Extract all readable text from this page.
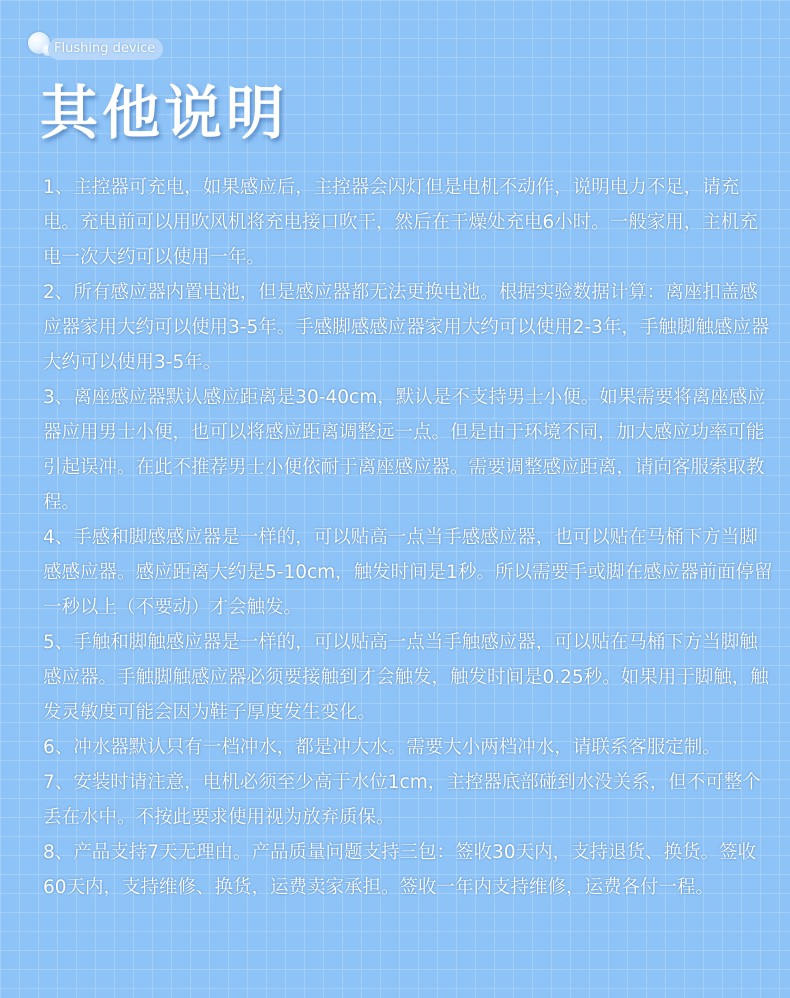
Flushing device
其他说明
1、主控器可充电，如果感应后，主控器会闪灯但是电机不动作，说明电力不足，请充电。充电前可以用吹风机将充电接口吹干，然后在干燥处充电6小时。一般家用，主机充电一次大约可以使用一年。
2、所有感应器内置电池，但是感应器都无法更换电池。根据实验数据计算：离座扣盖感应器家用大约可以使用3-5年。手感脚感感应器家用大约可以使用2-3年，手触脚触感应器大约可以使用3-5年。
3、离座感应器默认感应距离是30-40cm，默认是不支持男士小便。如果需要将离座感应器应用男士小便，也可以将感应距离调整远一点。但是由于环境不同，加大感应功率可能引起误冲。在此不推荐男士小便依耐于离座感应器。需要调整感应距离，请向客服索取教程。
4、手感和脚感感应器是一样的，可以贴高一点当手感感应器，也可以贴在马桶下方当脚感感应器。感应距离大约是5-10cm，触发时间是1秒。所以需要手或脚在感应器前面停留一秒以上（不要动）才会触发。
5、手触和脚触感应器是一样的，可以贴高一点当手触感应器，可以贴在马桶下方当脚触感应器。手触脚触感应器必须要接触到才会触发，触发时间是0.25秒。如果用于脚触，触发灵敏度可能会因为鞋子厚度发生变化。
6、冲水器默认只有一档冲水，都是冲大水。需要大小两档冲水，请联系客服定制。
7、安装时请注意，电机必须至少高于水位1cm，主控器底部碰到水没关系，但不可整个丢在水中。不按此要求使用视为放弃质保。
8、产品支持7天无理由。产品质量问题支持三包：签收30天内，支持退货、换货。签收60天内，支持维修、换货，运费卖家承担。签收一年内支持维修，运费各付一程。
